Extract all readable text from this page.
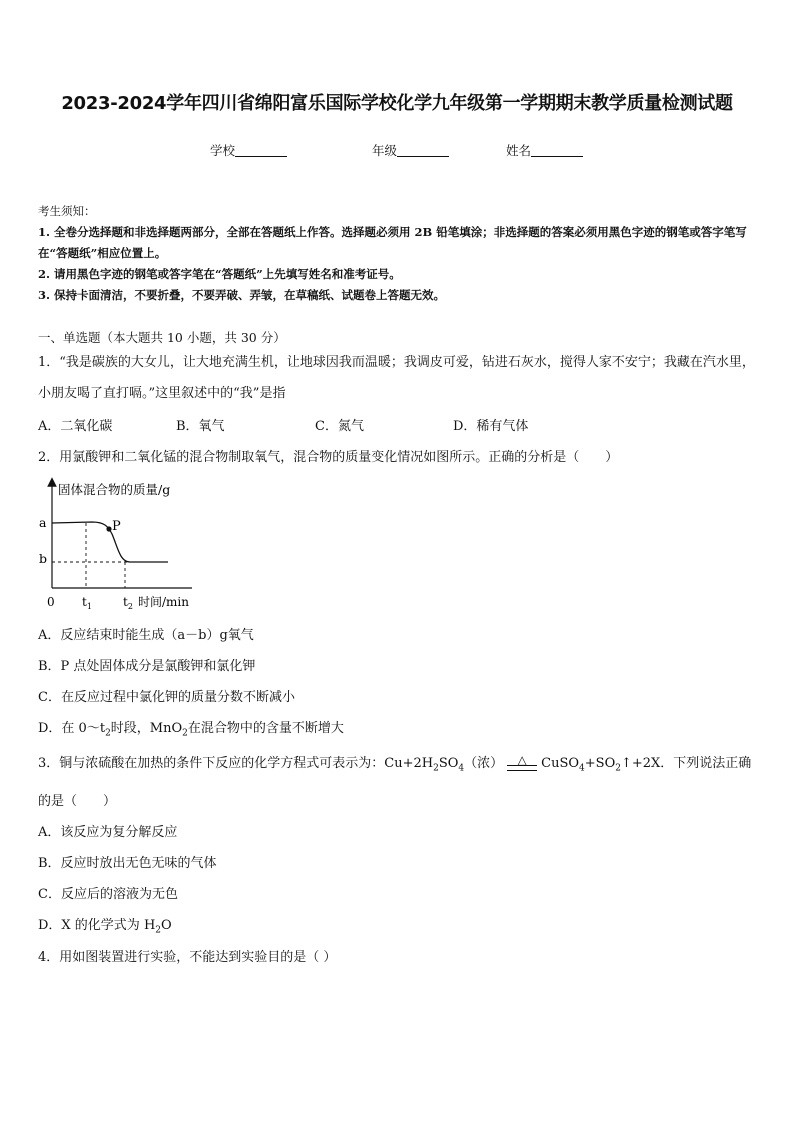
2023-2024学年四川省绵阳富乐国际学校化学九年级第一学期期末教学质量检测试题
学校	年级	姓名
考生须知：
1. 全卷分选择题和非选择题两部分，全部在答题纸上作答。选择题必须用 2B 铅笔填涂；非选择题的答案必须用黑色字迹的钢笔或答字笔写在“答题纸”相应位置上。
2. 请用黑色字迹的钢笔或答字笔在“答题纸”上先填写姓名和准考证号。
3. 保持卡面清洁，不要折叠，不要弄破、弄皱，在草稿纸、试题卷上答题无效。
一、单选题（本大题共 10 小题，共 30 分）
1．“我是碳族的大女儿，让大地充满生机，让地球因我而温暖；我调皮可爱，钻进石灰水，搅得人家不安宁；我藏在汽水里，小朋友喝了直打嗝。”这里叙述中的“我”是指
A．二氧化碳	B．氧气	C．氮气	D．稀有气体
2．用氯酸钾和二氧化锰的混合物制取氧气，混合物的质量变化情况如图所示。正确的分析是（　　）
固体混合物的质量/g
a
b
P
0 $t_1$	$t_2$ 时间/min
A．反应结束时能生成（a－b）g氧气
B．P 点处固体成分是氯酸钾和氯化钾
C．在反应过程中氯化钾的质量分数不断减小
D．在 $0\sim t_2$时段，MnO$_2$在混合物中的含量不断增大
3．铜与浓硫酸在加热的条件下反应的化学方程式可表示为：$Cu+2H_2SO_4$（浓） △ $CuSO_4+SO_2↑+2X$．下列说法正确
的是（　　）
A．该反应为复分解反应
B．反应时放出无色无味的气体
C．反应后的溶液为无色
D．X 的化学式为 $H_2O$
4．用如图装置进行实验，不能达到实验目的是（ ）
